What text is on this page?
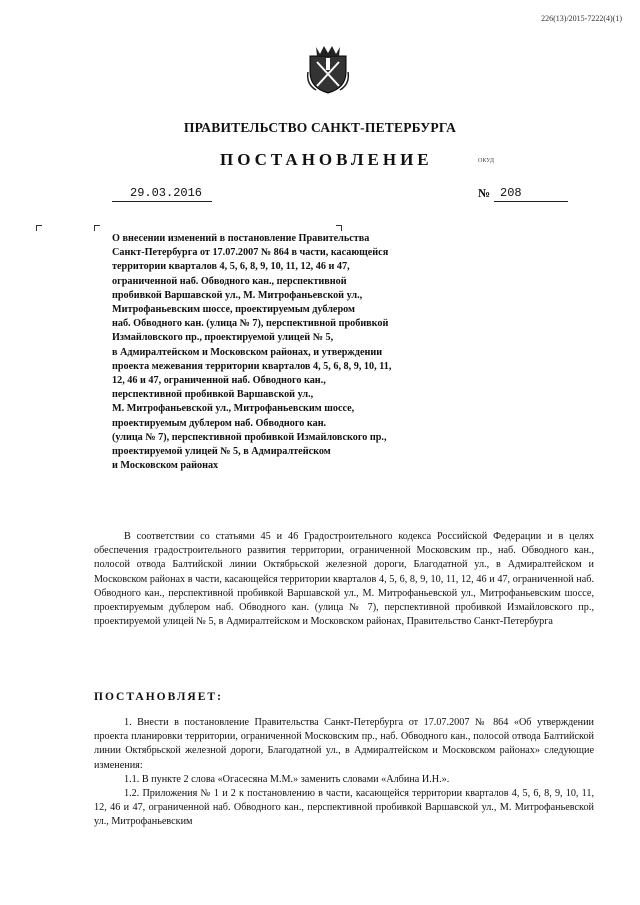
226(13)/2015-7222(4)(1)
ПРАВИТЕЛЬСТВО САНКТ-ПЕТЕРБУРГА
ПОСТАНОВЛЕНИЕ	ОКУД
29.03.2016	№ 208
О внесении изменений в постановление Правительства
Санкт-Петербурга от 17.07.2007 № 864 в части, касающейся
территории кварталов 4, 5, 6, 8, 9, 10, 11, 12, 46 и 47,
ограниченной наб. Обводного кан., перспективной
пробивкой Варшавской ул., М. Митрофаньевской ул.,
Митрофаньевским шоссе, проектируемым дублером
наб. Обводного кан. (улица № 7), перспективной пробивкой
Измайловского пр., проектируемой улицей № 5,
в Адмиралтейском и Московском районах, и утверждении
проекта межевания территории кварталов 4, 5, 6, 8, 9, 10, 11,
12, 46 и 47, ограниченной наб. Обводного кан.,
перспективной пробивкой Варшавской ул.,
М. Митрофаньевской ул., Митрофаньевским шоссе,
проектируемым дублером наб. Обводного кан.
(улица № 7), перспективной пробивкой Измайловского пр.,
проектируемой улицей № 5, в Адмиралтейском
и Московском районах

В соответствии со статьями 45 и 46 Градостроительного кодекса Российской Федерации и в целях обеспечения градостроительного развития территории, ограниченной Московским пр., наб. Обводного кан., полосой отвода Балтийской линии Октябрьской железной дороги, Благодатной ул., в Адмиралтейском и Московском районах в части, касающейся территории кварталов 4, 5, 6, 8, 9, 10, 11, 12, 46 и 47, ограниченной наб. Обводного кан., перспективной пробивкой Варшавской ул., М. Митрофаньевской ул., Митрофаньевским шоссе, проектируемым дублером наб. Обводного кан. (улица № 7), перспективной пробивкой Измайловского пр., проектируемой улицей № 5, в Адмиралтейском и Московском районах, Правительство Санкт-Петербурга

ПОСТАНОВЛЯЕТ:

1. Внести в постановление Правительства Санкт-Петербурга от 17.07.2007 № 864 «Об утверждении проекта планировки территории, ограниченной Московским пр., наб. Обводного кан., полосой отвода Балтийской линии Октябрьской железной дороги, Благодатной ул., в Адмиралтейском и Московском районах» следующие изменения:

1.1. В пункте 2 слова «Огасесяна М.М.» заменить словами «Албина И.Н.».

1.2. Приложения № 1 и 2 к постановлению в части, касающейся территории кварталов 4, 5, 6, 8, 9, 10, 11, 12, 46 и 47, ограниченной наб. Обводного кан., перспективной пробивкой Варшавской ул., М. Митрофаньевской ул., Митрофаньевским
